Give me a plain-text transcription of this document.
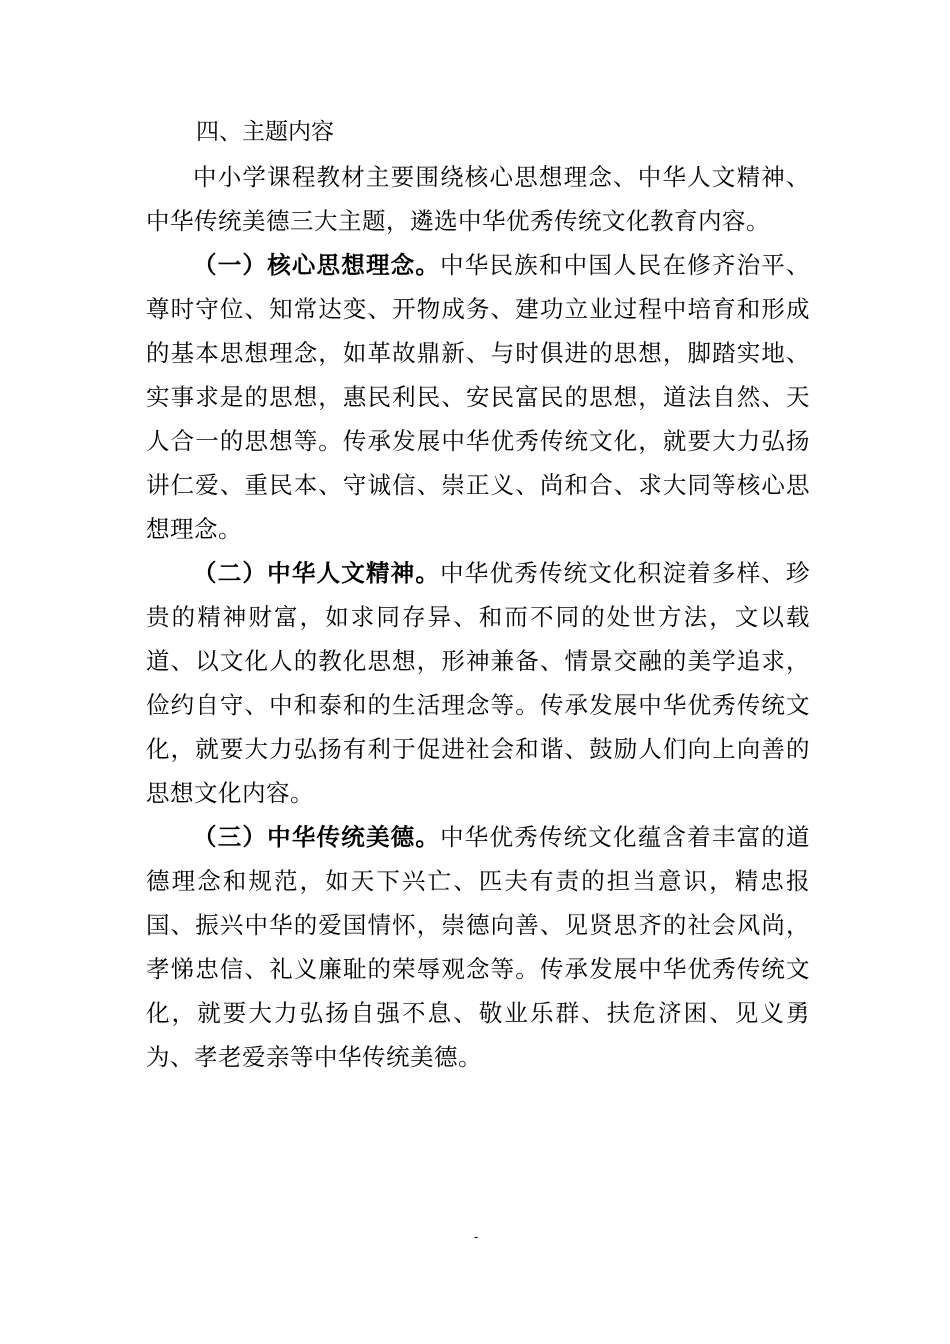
四、主题内容

中小学课程教材主要围绕核心思想理念、中华人文精神、中华传统美德三大主题，遴选中华优秀传统文化教育内容。

（一）核心思想理念。中华民族和中国人民在修齐治平、尊时守位、知常达变、开物成务、建功立业过程中培育和形成的基本思想理念，如革故鼎新、与时俱进的思想，脚踏实地、实事求是的思想，惠民利民、安民富民的思想，道法自然、天人合一的思想等。传承发展中华优秀传统文化，就要大力弘扬讲仁爱、重民本、守诚信、崇正义、尚和合、求大同等核心思想理念。

（二）中华人文精神。中华优秀传统文化积淀着多样、珍贵的精神财富，如求同存异、和而不同的处世方法，文以载道、以文化人的教化思想，形神兼备、情景交融的美学追求，俭约自守、中和泰和的生活理念等。传承发展中华优秀传统文化，就要大力弘扬有利于促进社会和谐、鼓励人们向上向善的思想文化内容。

（三）中华传统美德。中华优秀传统文化蕴含着丰富的道德理念和规范，如天下兴亡、匹夫有责的担当意识，精忠报国、振兴中华的爱国情怀，崇德向善、见贤思齐的社会风尚，孝悌忠信、礼义廉耻的荣辱观念等。传承发展中华优秀传统文化，就要大力弘扬自强不息、敬业乐群、扶危济困、见义勇为、孝老爱亲等中华传统美德。

-
